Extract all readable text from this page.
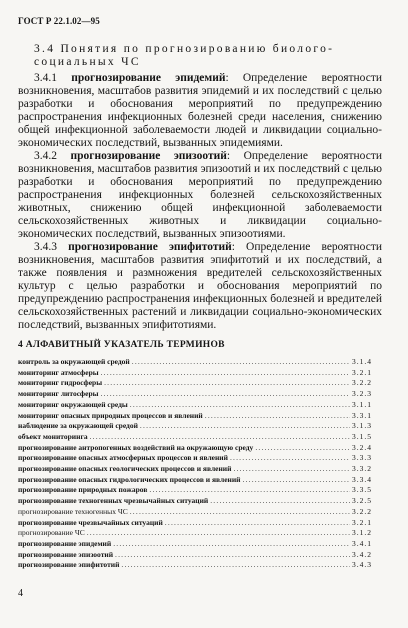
ГОСТ Р 22.1.02—95

3.4 Понятия по прогнозированию биолого-социальных ЧС

3.4.1 прогнозирование эпидемий: Определение вероятности возникновения, масштабов развития эпидемий и их последствий с целью разработки и обоснования мероприятий по предупреждению распространения инфекционных болезней среди населения, снижению общей инфекционной заболеваемости людей и ликвидации социально-экономических последствий, вызванных эпидемиями.

3.4.2 прогнозирование эпизоотий: Определение вероятности возникновения, масштабов развития эпизоотий и их последствий с целью разработки и обоснования мероприятий по предупреждению распространения инфекционных болезней сельскохозяйственных животных, снижению общей инфекционной заболеваемости сельскохозяйственных животных и ликвидации социально-экономических последствий, вызванных эпизоотиями.

3.4.3 прогнозирование эпифитотий: Определение вероятности возникновения, масштабов развития эпифитотий и их последствий, а также появления и размножения вредителей сельскохозяйственных культур с целью разработки и обоснования мероприятий по предупреждению распространения инфекционных болезней и вредителей сельскохозяйственных растений и ликвидации социально-экономических последствий, вызванных эпифитотиями.

4 АЛФАВИТНЫЙ УКАЗАТЕЛЬ ТЕРМИНОВ
контроль за окружающей средой .....	3.1.4
мониторинг атмосферы .....	3.2.1
мониторинг гидросферы .....	3.2.2
мониторинг литосферы .....	3.2.3
мониторинг окружающей среды .....	3.1.1
мониторинг опасных природных процессов и явлений .....	3.3.1
наблюдение за окружающей средой .....	3.1.3
объект мониторинга .....	3.1.5
прогнозирование антропогенных воздействий на окружающую среду .....	3.2.4
прогнозирование опасных атмосферных процессов и явлений .....	3.3.3
прогнозирование опасных геологических процессов и явлений .....	3.3.2
прогнозирование опасных гидрологических процессов и явлений .....	3.3.4
прогнозирование природных пожаров .....	3.3.5
прогнозирование техногенных чрезвычайных ситуаций .....	3.2.5
прогнозирование техногенных ЧС .....	3.2.2
прогнозирование чрезвычайных ситуаций .....	3.2.1
прогнозирование ЧС .....	3.1.2
прогнозирование эпидемий .....	3.4.1
прогнозирование эпизоотий .....	3.4.2
прогнозирование эпифитотий .....	3.4.3
4
